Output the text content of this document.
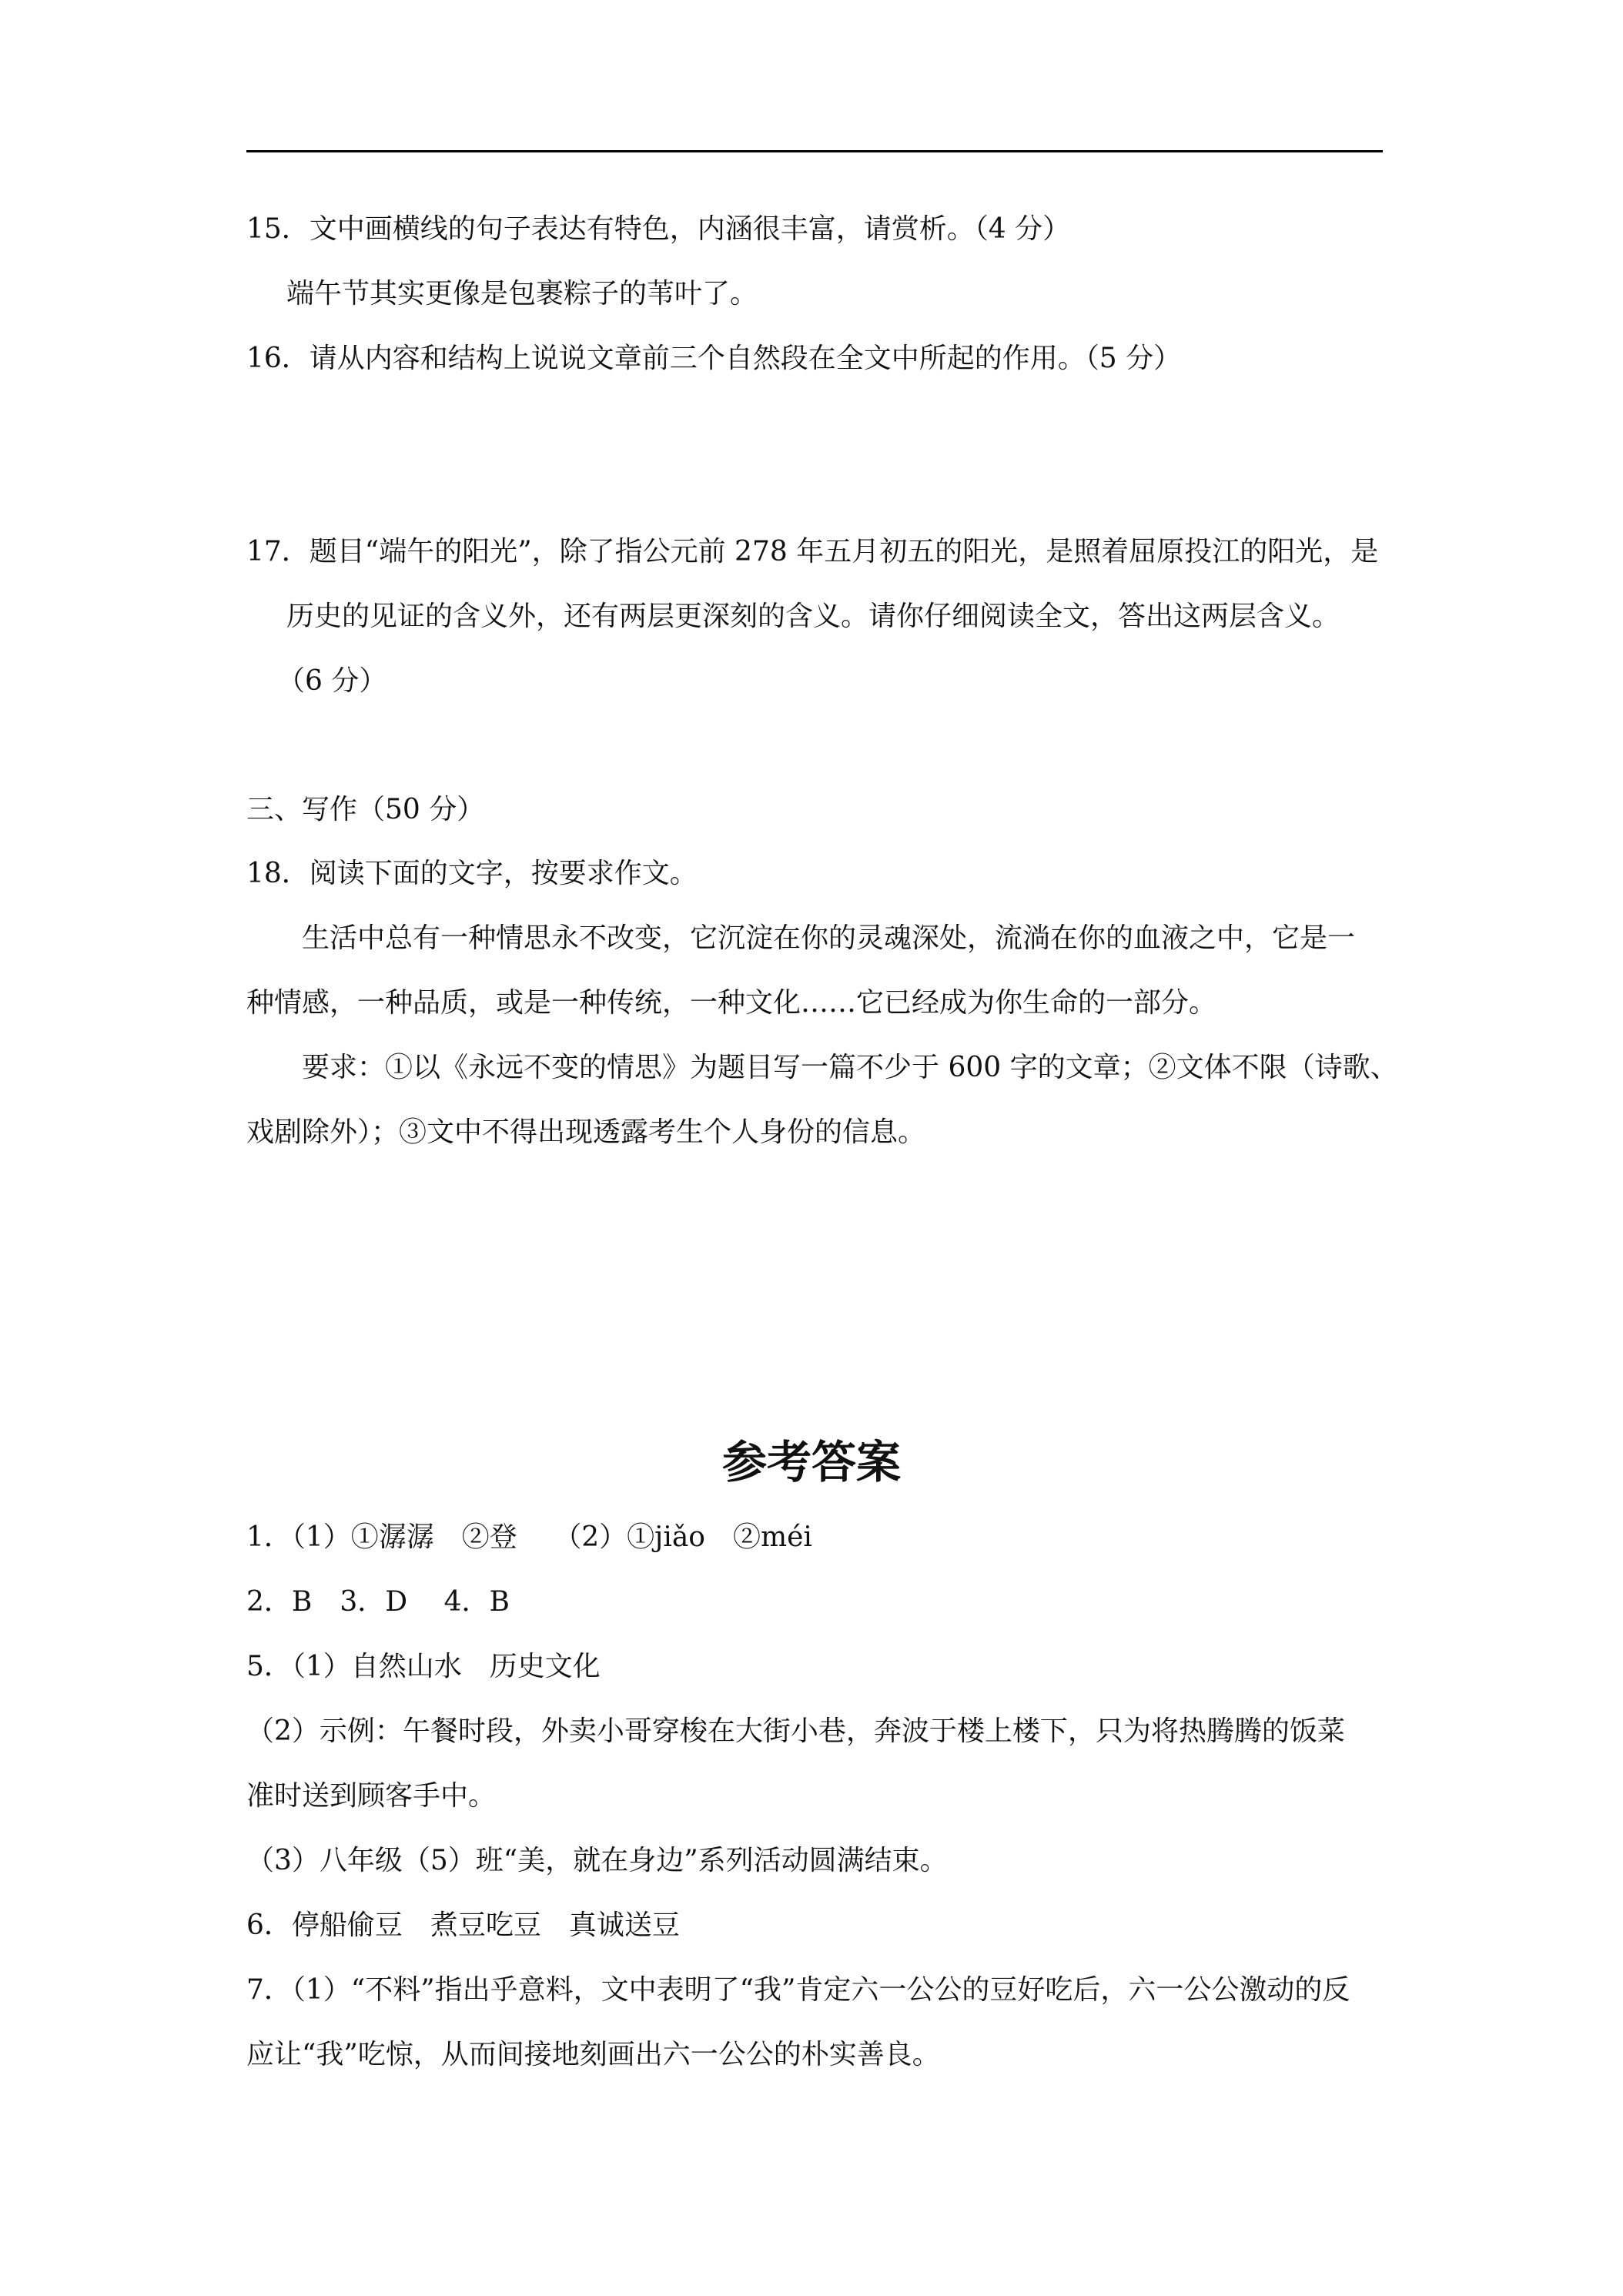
15．文中画横线的句子表达有特色，内涵很丰富，请赏析。（4 分）
端午节其实更像是包裹粽子的苇叶了。
16．请从内容和结构上说说文章前三个自然段在全文中所起的作用。（5 分）
17．题目“端午的阳光”，除了指公元前 278 年五月初五的阳光，是照着屈原投江的阳光，是
历史的见证的含义外，还有两层更深刻的含义。请你仔细阅读全文，答出这两层含义。
（6 分）
三、写作（50 分）
18．阅读下面的文字，按要求作文。
生活中总有一种情思永不改变，它沉淀在你的灵魂深处，流淌在你的血液之中，它是一
种情感，一种品质，或是一种传统，一种文化……它已经成为你生命的一部分。
要求：①以《永远不变的情思》为题目写一篇不少于 600 字的文章；②文体不限（诗歌、
戏剧除外）；③文中不得出现透露考生个人身份的信息。
参考答案
1．（1）①潺潺　②登　 （2）①jiǎo　②méi
2．B　3．D　 4．B
5．（1）自然山水　历史文化
（2）示例：午餐时段，外卖小哥穿梭在大街小巷，奔波于楼上楼下，只为将热腾腾的饭菜
准时送到顾客手中。
（3）八年级（5）班“美，就在身边”系列活动圆满结束。
6．停船偷豆　煮豆吃豆　真诚送豆
7．（1）“不料”指出乎意料，文中表明了“我”肯定六一公公的豆好吃后，六一公公激动的反
应让“我”吃惊，从而间接地刻画出六一公公的朴实善良。
